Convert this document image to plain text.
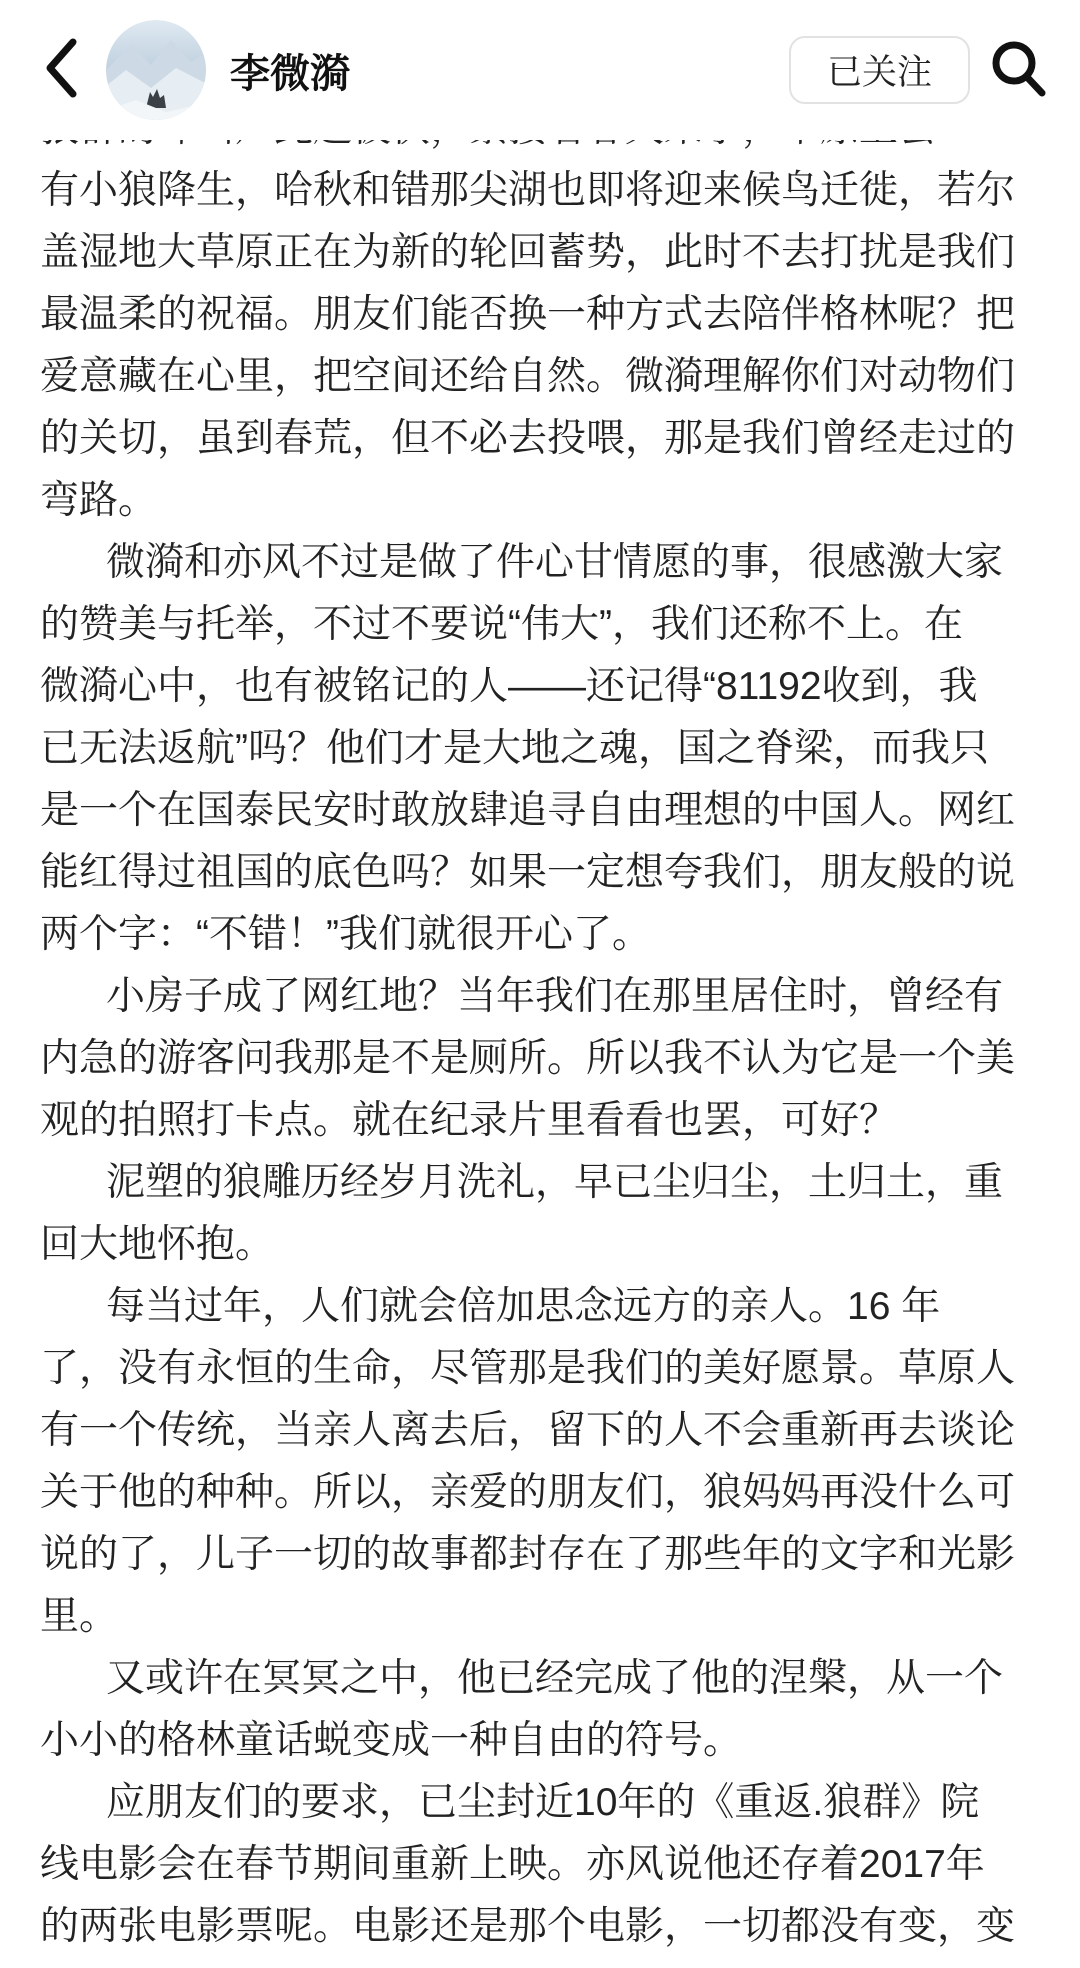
有小狼降生，哈秋和错那尖湖也即将迎来候鸟迁徙，若尔
盖湿地大草原正在为新的轮回蓄势，此时不去打扰是我们
最温柔的祝福。朋友们能否换一种方式去陪伴格林呢？把
爱意藏在心里，把空间还给自然。微漪理解你们对动物们
的关切，虽到春荒，但不必去投喂，那是我们曾经走过的
弯路。
微漪和亦风不过是做了件心甘情愿的事，很感激大家
的赞美与托举，不过不要说“伟大”，我们还称不上。在
微漪心中，也有被铭记的人——还记得“81192收到，我
已无法返航”吗？他们才是大地之魂，国之脊梁，而我只
是一个在国泰民安时敢放肆追寻自由理想的中国人。网红
能红得过祖国的底色吗？如果一定想夸我们，朋友般的说
两个字：“不错！”我们就很开心了。
小房子成了网红地？当年我们在那里居住时，曾经有
内急的游客问我那是不是厕所。所以我不认为它是一个美
观的拍照打卡点。就在纪录片里看看也罢，可好？
泥塑的狼雕历经岁月洗礼，早已尘归尘，土归土，重
回大地怀抱。
每当过年，人们就会倍加思念远方的亲人。16 年
了，没有永恒的生命，尽管那是我们的美好愿景。草原人
有一个传统，当亲人离去后，留下的人不会重新再去谈论
关于他的种种。所以，亲爱的朋友们，狼妈妈再没什么可
说的了，儿子一切的故事都封存在了那些年的文字和光影
里。
又或许在冥冥之中，他已经完成了他的涅槃，从一个
小小的格林童话蜕变成一种自由的符号。
应朋友们的要求，已尘封近10年的《重返.狼群》院
线电影会在春节期间重新上映。亦风说他还存着2017年
的两张电影票呢。电影还是那个电影，一切都没有变，变
李微漪	已关注
